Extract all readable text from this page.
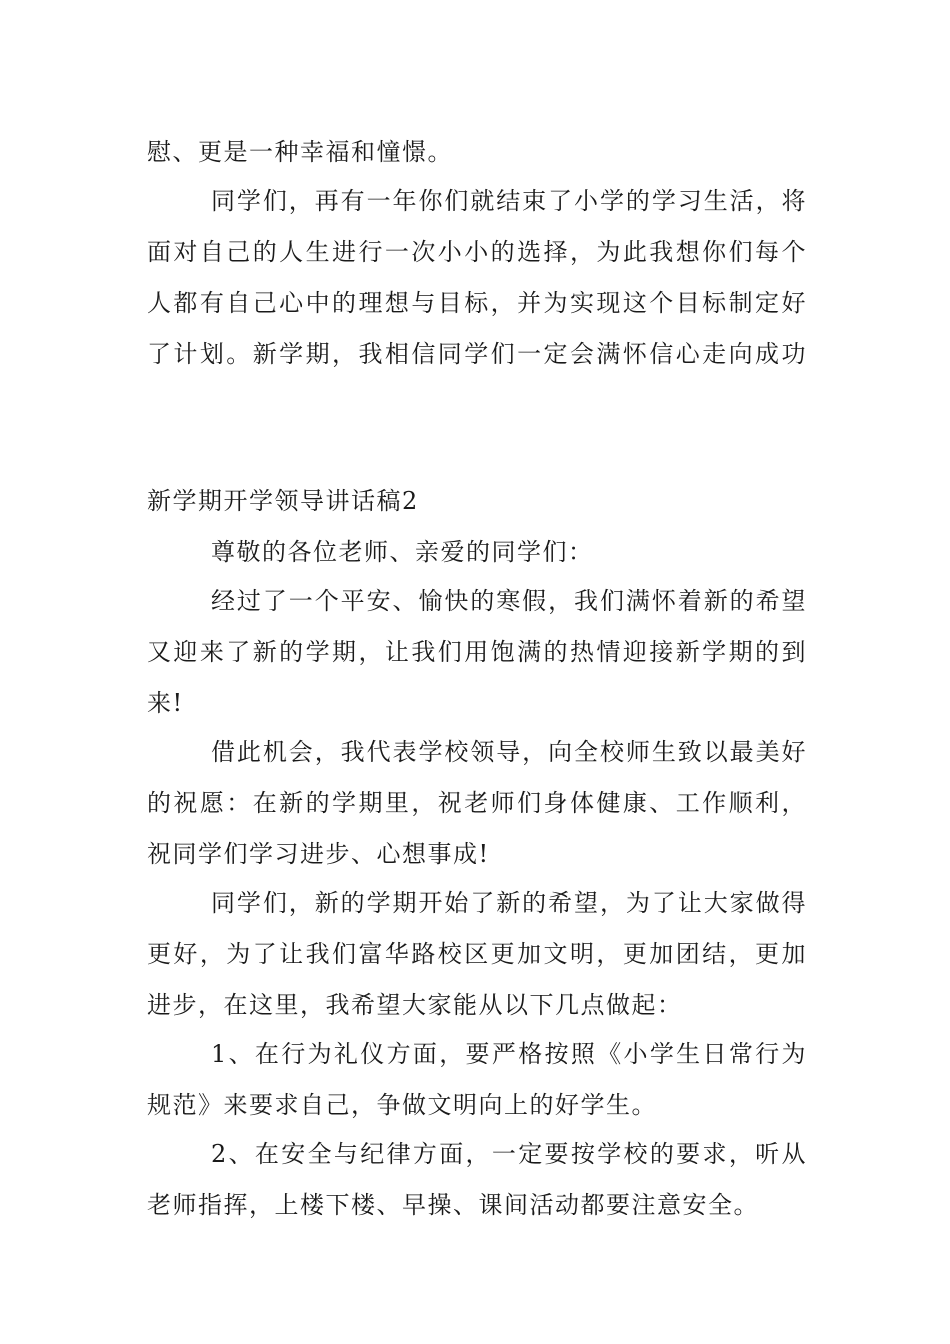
慰、更是一种幸福和憧憬。
同学们，再有一年你们就结束了小学的学习生活，将
面对自己的人生进行一次小小的选择，为此我想你们每个
人都有自己心中的理想与目标，并为实现这个目标制定好
了计划。新学期，我相信同学们一定会满怀信心走向成功
新学期开学领导讲话稿2
尊敬的各位老师、亲爱的同学们：
经过了一个平安、愉快的寒假，我们满怀着新的希望
又迎来了新的学期，让我们用饱满的热情迎接新学期的到
来!
借此机会，我代表学校领导，向全校师生致以最美好
的祝愿：在新的学期里，祝老师们身体健康、工作顺利，
祝同学们学习进步、心想事成!
同学们，新的学期开始了新的希望，为了让大家做得
更好，为了让我们富华路校区更加文明，更加团结，更加
进步，在这里，我希望大家能从以下几点做起：
1、在行为礼仪方面，要严格按照《小学生日常行为
规范》来要求自己，争做文明向上的好学生。
2、在安全与纪律方面，一定要按学校的要求，听从
老师指挥，上楼下楼、早操、课间活动都要注意安全。
